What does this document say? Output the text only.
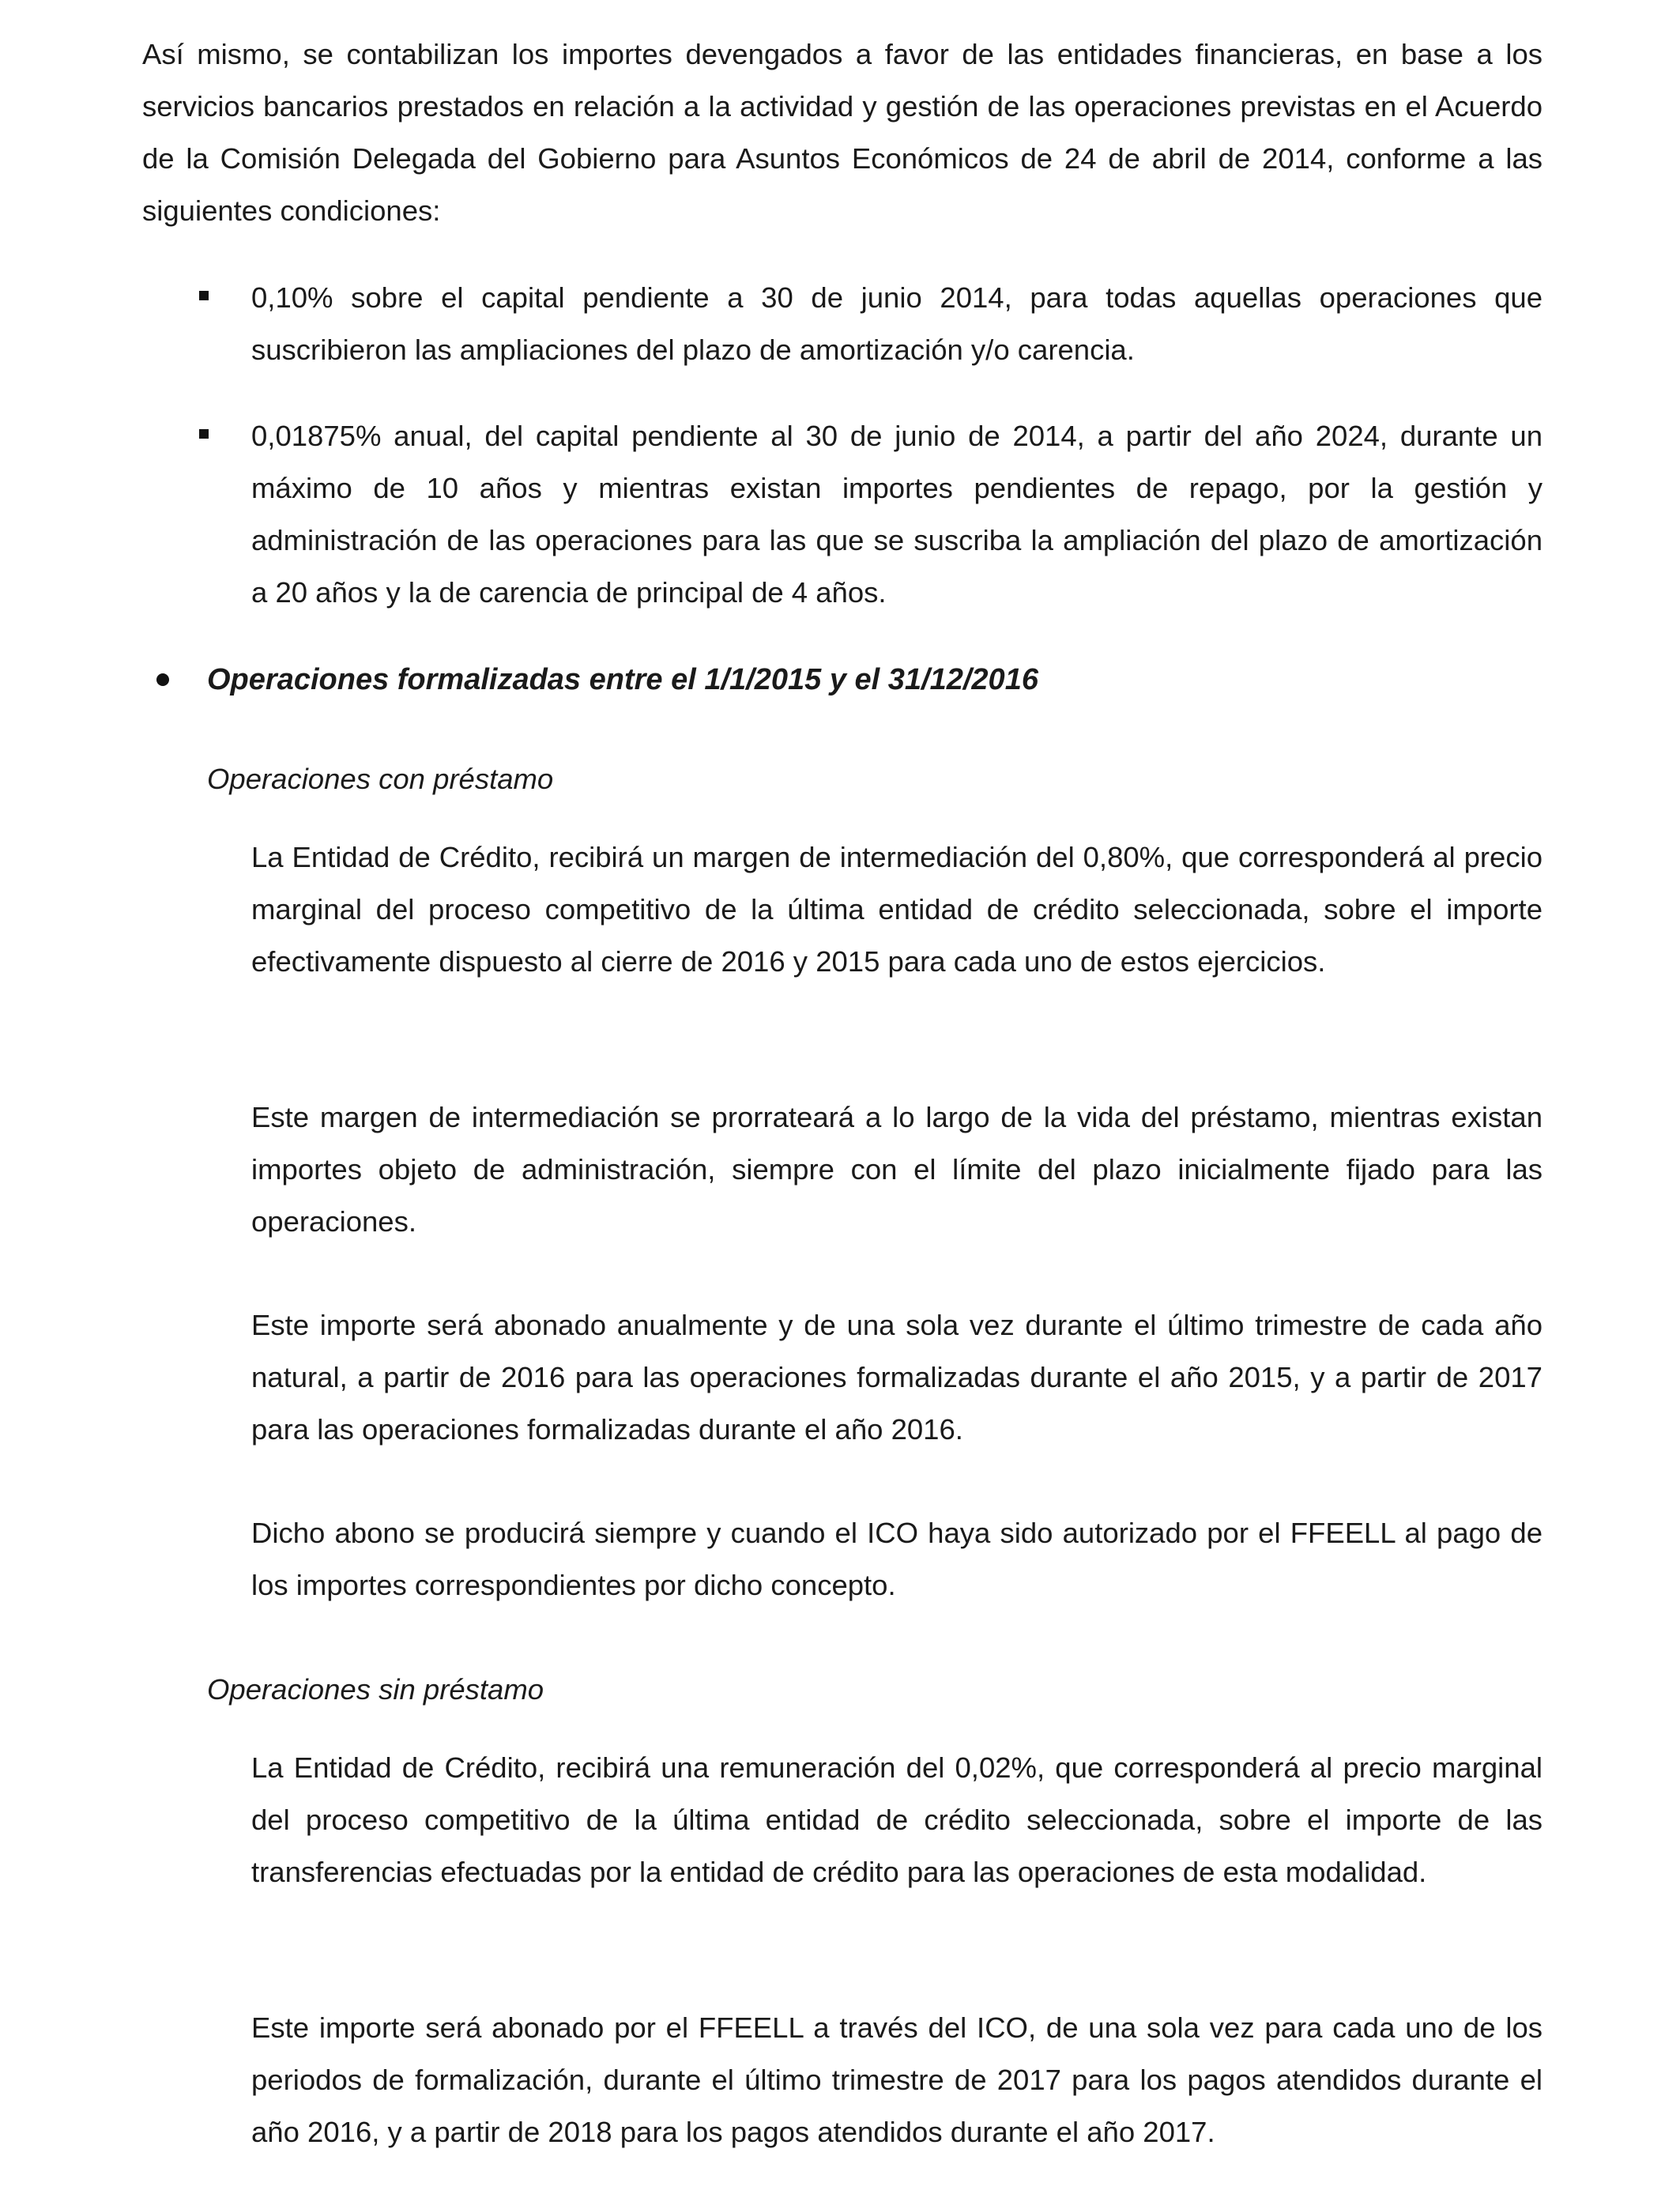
Así mismo, se contabilizan los importes devengados a favor de las entidades financieras, en base a los servicios bancarios prestados en relación a la actividad y gestión de las operaciones previstas en el Acuerdo de la Comisión Delegada del Gobierno para Asuntos Económicos de 24 de abril de 2014, conforme a las siguientes condiciones:

0,10% sobre el capital pendiente a 30 de junio 2014, para todas aquellas operaciones que suscribieron las ampliaciones del plazo de amortización y/o carencia.

0,01875% anual, del capital pendiente al 30 de junio de 2014, a partir del año 2024, durante un máximo de 10 años y mientras existan importes pendientes de repago, por la gestión y administración de las operaciones para las que se suscriba la ampliación del plazo de amortización a 20 años y la de carencia de principal de 4 años.

Operaciones formalizadas entre el 1/1/2015 y el 31/12/2016

Operaciones con préstamo

La Entidad de Crédito, recibirá un margen de intermediación del 0,80%, que corresponderá al precio marginal del proceso competitivo de la última entidad de crédito seleccionada, sobre el importe efectivamente dispuesto al cierre de 2016 y 2015 para cada uno de estos ejercicios.

Este margen de intermediación se prorrateará a lo largo de la vida del préstamo, mientras existan importes objeto de administración, siempre con el límite del plazo inicialmente fijado para las operaciones.

Este importe será abonado anualmente y de una sola vez durante el último trimestre de cada año natural, a partir de 2016 para las operaciones formalizadas durante el año 2015, y a partir de 2017 para las operaciones formalizadas durante el año 2016.

Dicho abono se producirá siempre y cuando el ICO haya sido autorizado por el FFEELL al pago de los importes correspondientes por dicho concepto.

Operaciones sin préstamo

La Entidad de Crédito, recibirá una remuneración del 0,02%, que corresponderá al precio marginal del proceso competitivo de la última entidad de crédito seleccionada, sobre el importe de las transferencias efectuadas por la entidad de crédito para las operaciones de esta modalidad.

Este importe será abonado por el FFEELL a través del ICO, de una sola vez para cada uno de los periodos de formalización, durante el último trimestre de 2017 para los pagos atendidos durante el año 2016, y a partir de 2018 para los pagos atendidos durante el año 2017.
